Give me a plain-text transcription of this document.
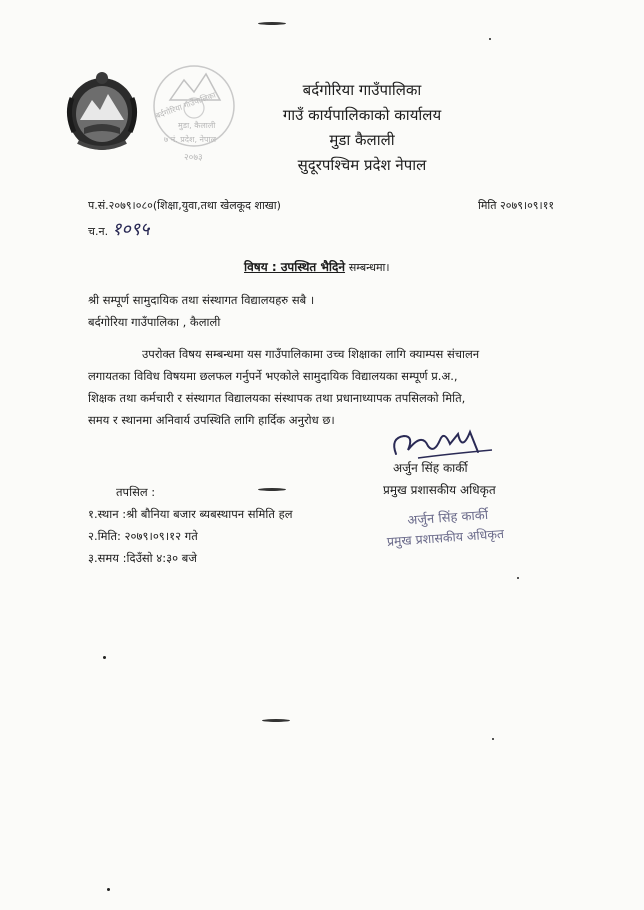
बर्दगोरिया गाउँपालिका
मुडा, कैलाली
७ नं. प्रदेश, नेपाल
२०७३
बर्दगोरिया गाउँपालिका
गाउँ कार्यपालिकाको कार्यालय
मुडा कैलाली
सुदूरपश्चिम प्रदेश नेपाल
प.सं.२०७९।०८०(शिक्षा,युवा,तथा खेलकूद शाखा)	मिति २०७९।०९।११
च.न. १०९५
विषय : उपस्थित भैदिने सम्बन्धमा।
श्री सम्पूर्ण सामुदायिक तथा संस्थागत विद्यालयहरु सबै ।
बर्दगोरिया गाउँपालिका , कैलाली
उपरोक्त विषय सम्बन्धमा यस गाउँपालिकामा उच्च शिक्षाका लागि क्याम्पस संचालन
लगायतका विविध विषयमा छलफल गर्नुपर्ने भएकोले सामुदायिक विद्यालयका सम्पूर्ण प्र.अ.,
शिक्षक तथा कर्मचारी र संस्थागत विद्यालयका संस्थापक तथा प्रधानाध्यापक तपसिलको मिति,
समय र स्थानमा अनिवार्य उपस्थिति लागि हार्दिक अनुरोध छ।
अर्जुन सिंह कार्की
प्रमुख प्रशासकीय अधिकृत
तपसिल :
१.स्थान :श्री बौनिया बजार ब्यबस्थापन समिति हल
२.मिति: २०७९।०९।१२ गते
३.समय :दिउँसो ४:३० बजे
अर्जुन सिंह कार्की
प्रमुख प्रशासकीय अधिकृत
